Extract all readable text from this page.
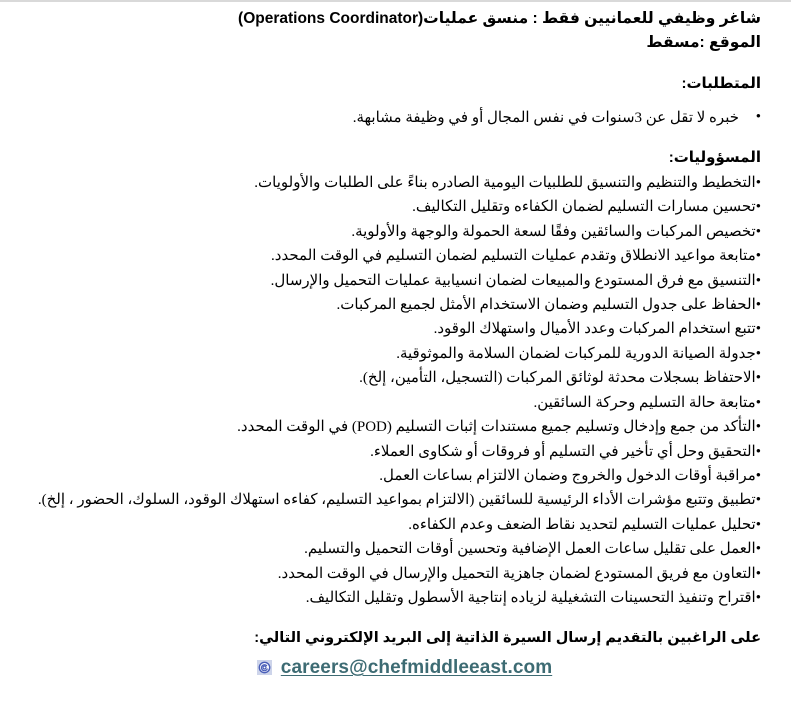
شاغر وظيفي للعمانيين فقط : منسق عمليات(Operations Coordinator)
الموقع :مسقط
المتطلبات:
• خبره لا تقل عن 3سنوات في نفس المجال أو في وظيفة مشابهة.
المسؤوليات:
•التخطيط والتنظيم والتنسيق للطلبيات اليومية الصادره بناءً على الطلبات والأولويات.
•تحسين مسارات التسليم لضمان الكفاءه وتقليل التكاليف.
•تخصيص المركبات والسائقين وفقًا لسعة الحمولة والوجهة والأولوية.
•متابعة مواعيد الانطلاق وتقدم عمليات التسليم لضمان التسليم في الوقت المحدد.
•التنسيق مع فرق المستودع والمبيعات لضمان انسيابية عمليات التحميل والإرسال.
•الحفاظ على جدول التسليم وضمان الاستخدام الأمثل لجميع المركبات.
•تتبع استخدام المركبات وعدد الأميال واستهلاك الوقود.
•جدولة الصيانة الدورية للمركبات لضمان السلامة والموثوقية.
•الاحتفاظ بسجلات محدثة لوثائق المركبات (التسجيل، التأمين، إلخ).
•متابعة حالة التسليم وحركة السائقين.
•التأكد من جمع وإدخال وتسليم جميع مستندات إثبات التسليم (POD) في الوقت المحدد.
•التحقيق وحل أي تأخير في التسليم أو فروقات أو شكاوى العملاء.
•مراقبة أوقات الدخول والخروج وضمان الالتزام بساعات العمل.
•تطبيق وتتبع مؤشرات الأداء الرئيسية للسائقين (الالتزام بمواعيد التسليم، كفاءه استهلاك الوقود، السلوك، الحضور ، إلخ).
•تحليل عمليات التسليم لتحديد نقاط الضعف وعدم الكفاءه.
•العمل على تقليل ساعات العمل الإضافية وتحسين أوقات التحميل والتسليم.
•التعاون مع فريق المستودع لضمان جاهزية التحميل والإرسال في الوقت المحدد.
•اقتراح وتنفيذ التحسينات التشغيلية لزياده إنتاجية الأسطول وتقليل التكاليف.
على الراغبين بالتقديم إرسال السيرة الذاتية إلى البريد الإلكتروني التالي:
careers@chefmiddleeast.com
